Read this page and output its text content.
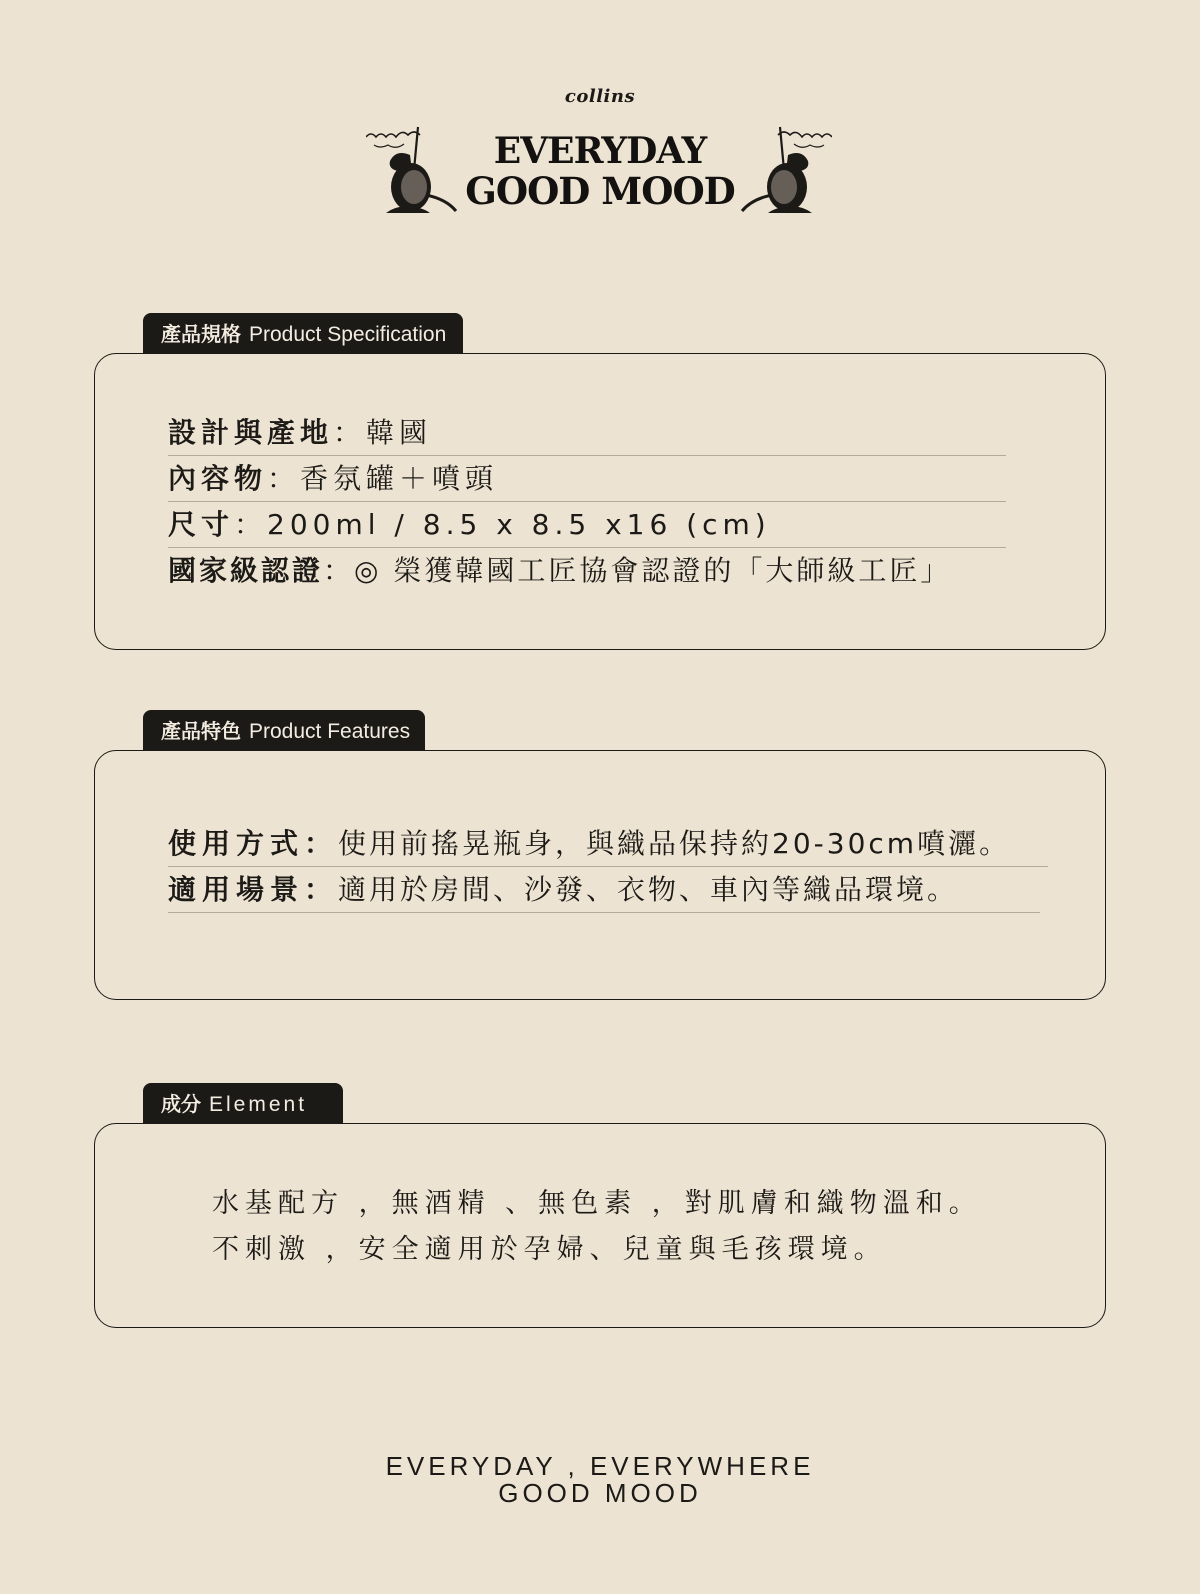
collins
EVERYDAY
GOOD MOOD
產品規格 Product Specification
設計與產地：韓國
內容物：香氛罐＋噴頭
尺寸：200ml / 8.5 x 8.5 x16 (cm)
國家級認證：◎ 榮獲韓國工匠協會認證的「大師級工匠」
產品特色 Product Features
使用方式：使用前搖晃瓶身，與織品保持約20-30cm噴灑。
適用場景：適用於房間、沙發、衣物、車內等織品環境。
成分 Element
水基配方 ，無酒精 、無色素 ，對肌膚和織物溫和。
不刺激 ，安全適用於孕婦、兒童與毛孩環境。
EVERYDAY , EVERYWHERE
GOOD MOOD
